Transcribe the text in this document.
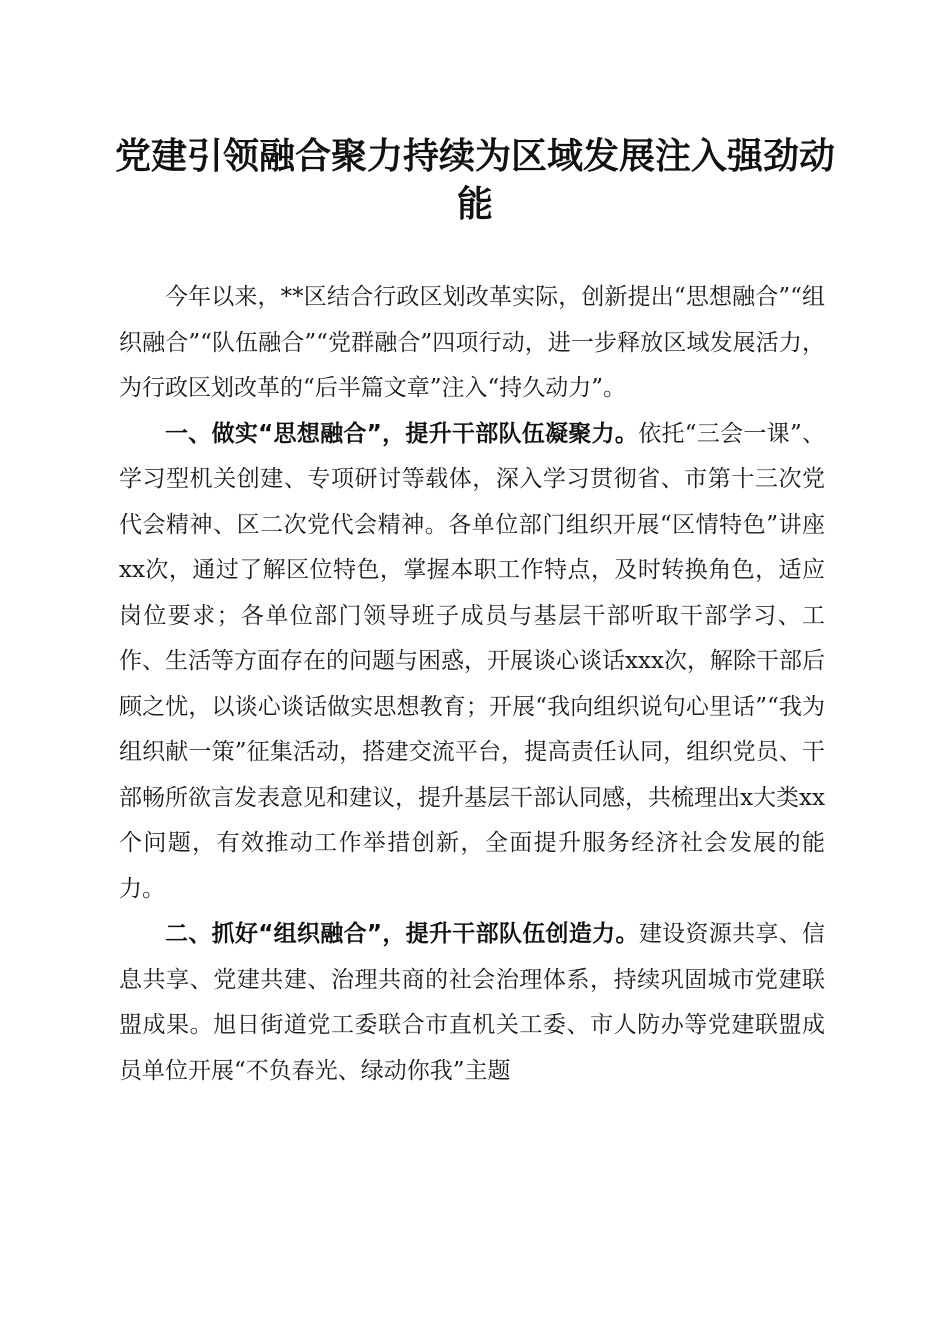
党建引领融合聚力持续为区域发展注入强劲动能

今年以来，**区结合行政区划改革实际，创新提出“思想融合”“组织融合”“队伍融合”“党群融合”四项行动，进一步释放区域发展活力，为行政区划改革的“后半篇文章”注入“持久动力”。

一、做实“思想融合”，提升干部队伍凝聚力。依托“三会一课”、学习型机关创建、专项研讨等载体，深入学习贯彻省、市第十三次党代会精神、区二次党代会精神。各单位部门组织开展“区情特色”讲座xx次，通过了解区位特色，掌握本职工作特点，及时转换角色，适应岗位要求；各单位部门领导班子成员与基层干部听取干部学习、工作、生活等方面存在的问题与困惑，开展谈心谈话xxx次，解除干部后顾之忧，以谈心谈话做实思想教育；开展“我向组织说句心里话”“我为组织献一策”征集活动，搭建交流平台，提高责任认同，组织党员、干部畅所欲言发表意见和建议，提升基层干部认同感，共梳理出x大类xx个问题，有效推动工作举措创新，全面提升服务经济社会发展的能力。

二、抓好“组织融合”，提升干部队伍创造力。建设资源共享、信息共享、党建共建、治理共商的社会治理体系，持续巩固城市党建联盟成果。旭日街道党工委联合市直机关工委、市人防办等党建联盟成员单位开展“不负春光、绿动你我”主题
